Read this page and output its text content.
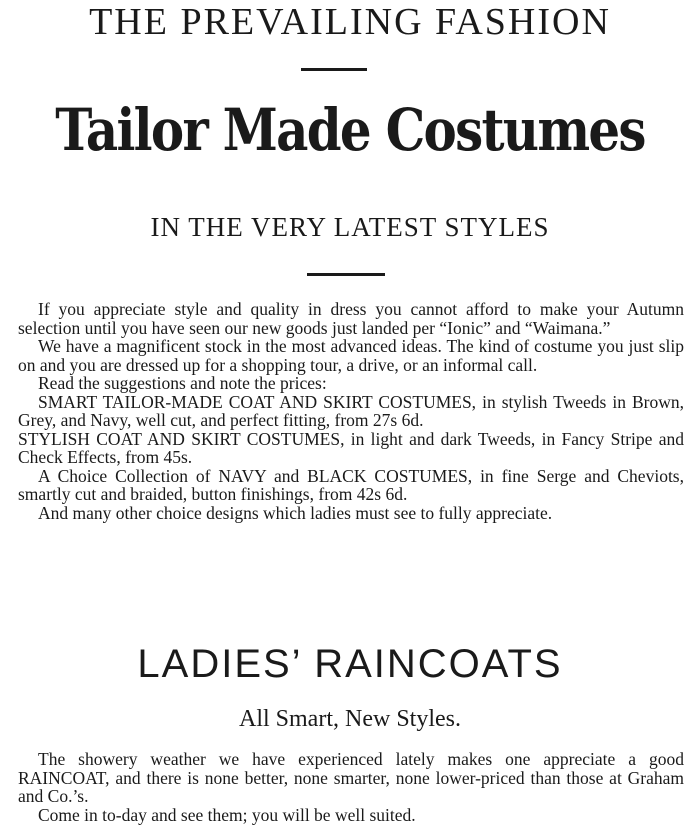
THE PREVAILING FASHION
Tailor Made Costumes
IN THE VERY LATEST STYLES

If you appreciate style and quality in dress you cannot afford to make your Autumn selection until you have seen our new goods just landed per “Ionic” and “Waimana.”

We have a magnificent stock in the most advanced ideas. The kind of costume you just slip on and you are dressed up for a shopping tour, a drive, or an informal call.

Read the suggestions and note the prices:

SMART TAILOR-MADE COAT AND SKIRT COSTUMES, in stylish Tweeds in Brown, Grey, and Navy, well cut, and perfect fitting, from 27s 6d.

STYLISH COAT AND SKIRT COSTUMES, in light and dark Tweeds, in Fancy Stripe and Check Effects, from 45s.

A Choice Collection of NAVY and BLACK COSTUMES, in fine Serge and Cheviots, smartly cut and braided, button finishings, from 42s 6d.

And many other choice designs which ladies must see to fully appreciate.

LADIES’ RAINCOATS
All Smart, New Styles.

The showery weather we have experienced lately makes one appreciate a good RAINCOAT, and there is none better, none smarter, none lower-priced than those at Graham and Co.’s.

Come in to-day and see them; you will be well suited.
